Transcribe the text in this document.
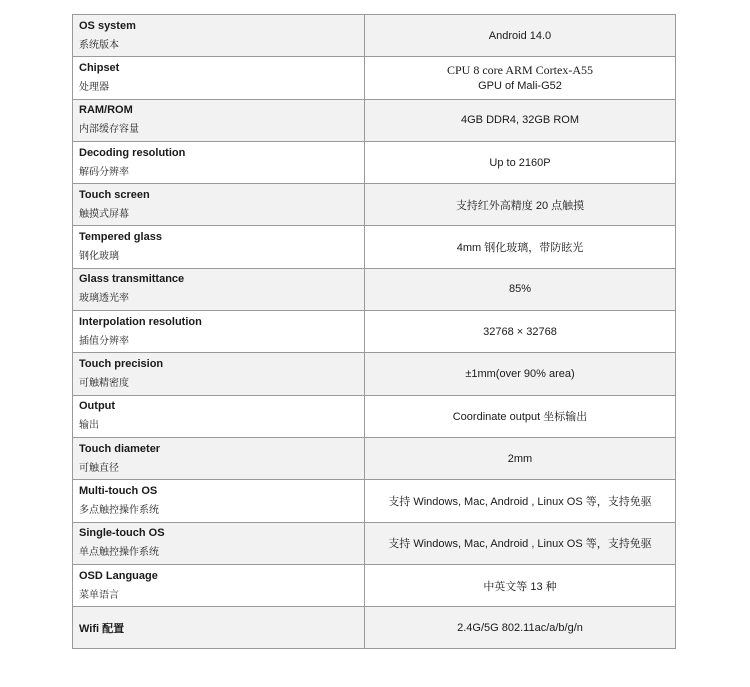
OS system
系统版本	Android 14.0

Chipset
处理器	CPU 8 core ARM Cortex-A55
GPU of Mali-G52

RAM/ROM
内部缓存容量	4GB DDR4, 32GB ROM

Decoding resolution
解码分辨率	Up to 2160P

Touch screen
触摸式屏幕	支持红外高精度 20 点触摸

Tempered glass
钢化玻璃	4mm 钢化玻璃，带防眩光

Glass transmittance
玻璃透光率	85%

Interpolation resolution
插值分辨率	32768 × 32768

Touch precision
可触精密度	±1mm(over 90% area)

Output
输出	Coordinate output 坐标输出

Touch diameter
可触直径	2mm

Multi-touch OS
多点触控操作系统	支持 Windows, Mac, Android , Linux OS 等，支持免驱

Single-touch OS
单点触控操作系统	支持 Windows, Mac, Android , Linux OS 等，支持免驱

OSD Language
菜单语言	中英文等 13 种
Wifi 配置	2.4G/5G 802.11ac/a/b/g/n
